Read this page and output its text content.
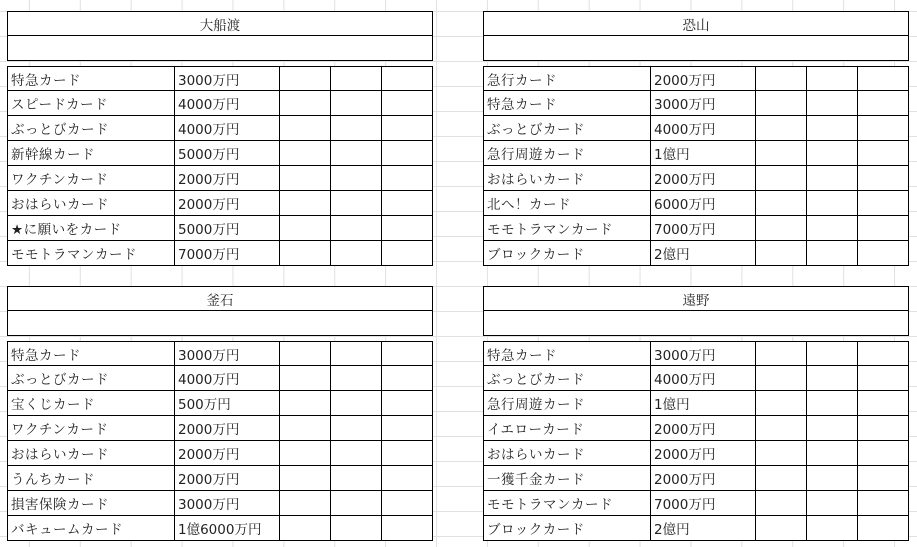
大船渡
特急カード	3000万円
スピードカード	4000万円
ぶっとびカード	4000万円
新幹線カード	5000万円
ワクチンカード	2000万円
おはらいカード	2000万円
★に願いをカード	5000万円
モモトラマンカード	7000万円
恐山
急行カード	2000万円
特急カード	3000万円
ぶっとびカード	4000万円
急行周遊カード	1億円
おはらいカード	2000万円
北へ！カード	6000万円
モモトラマンカード	7000万円
ブロックカード	2億円
釜石
特急カード	3000万円
ぶっとびカード	4000万円
宝くじカード	500万円
ワクチンカード	2000万円
おはらいカード	2000万円
うんちカード	2000万円
損害保険カード	3000万円
バキュームカード	1億6000万円
遠野
特急カード	3000万円
ぶっとびカード	4000万円
急行周遊カード	1億円
イエローカード	2000万円
おはらいカード	2000万円
一獲千金カード	2000万円
モモトラマンカード	7000万円
ブロックカード	2億円
